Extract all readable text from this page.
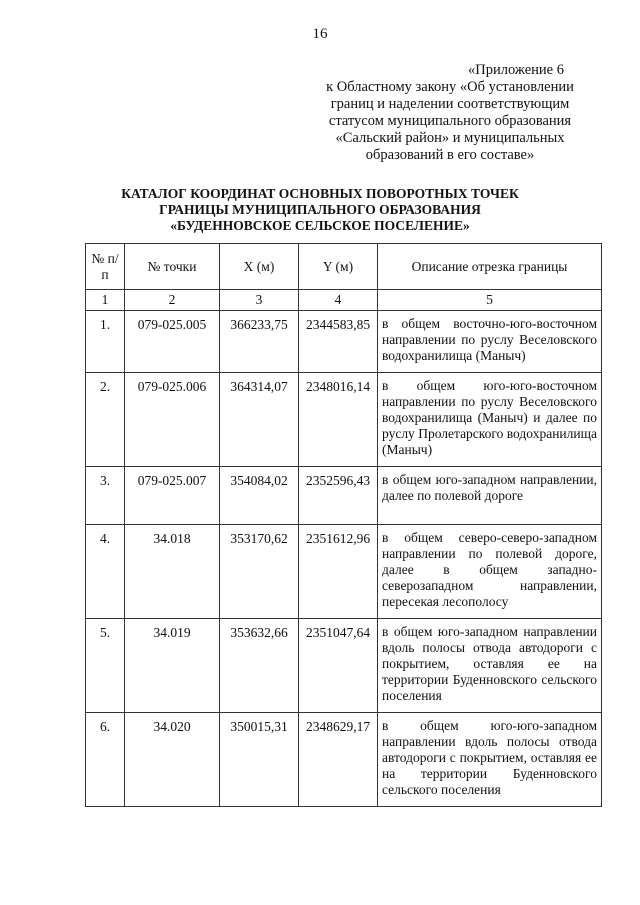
16
«Приложение 6
к Областному закону «Об установлении
границ и наделении соответствующим
статусом муниципального образования
«Сальский район» и муниципальных
образований в его составе»
КАТАЛОГ КООРДИНАТ ОСНОВНЫХ ПОВОРОТНЫХ ТОЧЕК
ГРАНИЦЫ МУНИЦИПАЛЬНОГО ОБРАЗОВАНИЯ
«БУДЕННОВСКОЕ СЕЛЬСКОЕ ПОСЕЛЕНИЕ»
№ п/п	№ точки	X (м)	Y (м)	Описание отрезка границы
1	2	3	4	5
1.	079-025.005	366233,75	2344583,85	в общем восточно-юго-восточном направлении по руслу Веселовского водохранилища (Маныч)
2.	079-025.006	364314,07	2348016,14	в общем юго-юго-восточном направлении по руслу Веселовского водохранилища (Маныч) и далее по руслу Пролетарского водохранилища (Маныч)
3.	079-025.007	354084,02	2352596,43	в общем юго-западном направлении, далее по полевой дороге
4.	34.018	353170,62	2351612,96	в общем северо-северо-западном направлении по полевой дороге, далее в общем западно-северозападном направлении, пересекая лесополосу
5.	34.019	353632,66	2351047,64	в общем юго-западном направлении вдоль полосы отвода автодороги с покрытием, оставляя ее на территории Буденновского сельского поселения
6.	34.020	350015,31	2348629,17	в общем юго-юго-западном направлении вдоль полосы отвода автодороги с покрытием, оставляя ее на территории Буденновского сельского поселения
